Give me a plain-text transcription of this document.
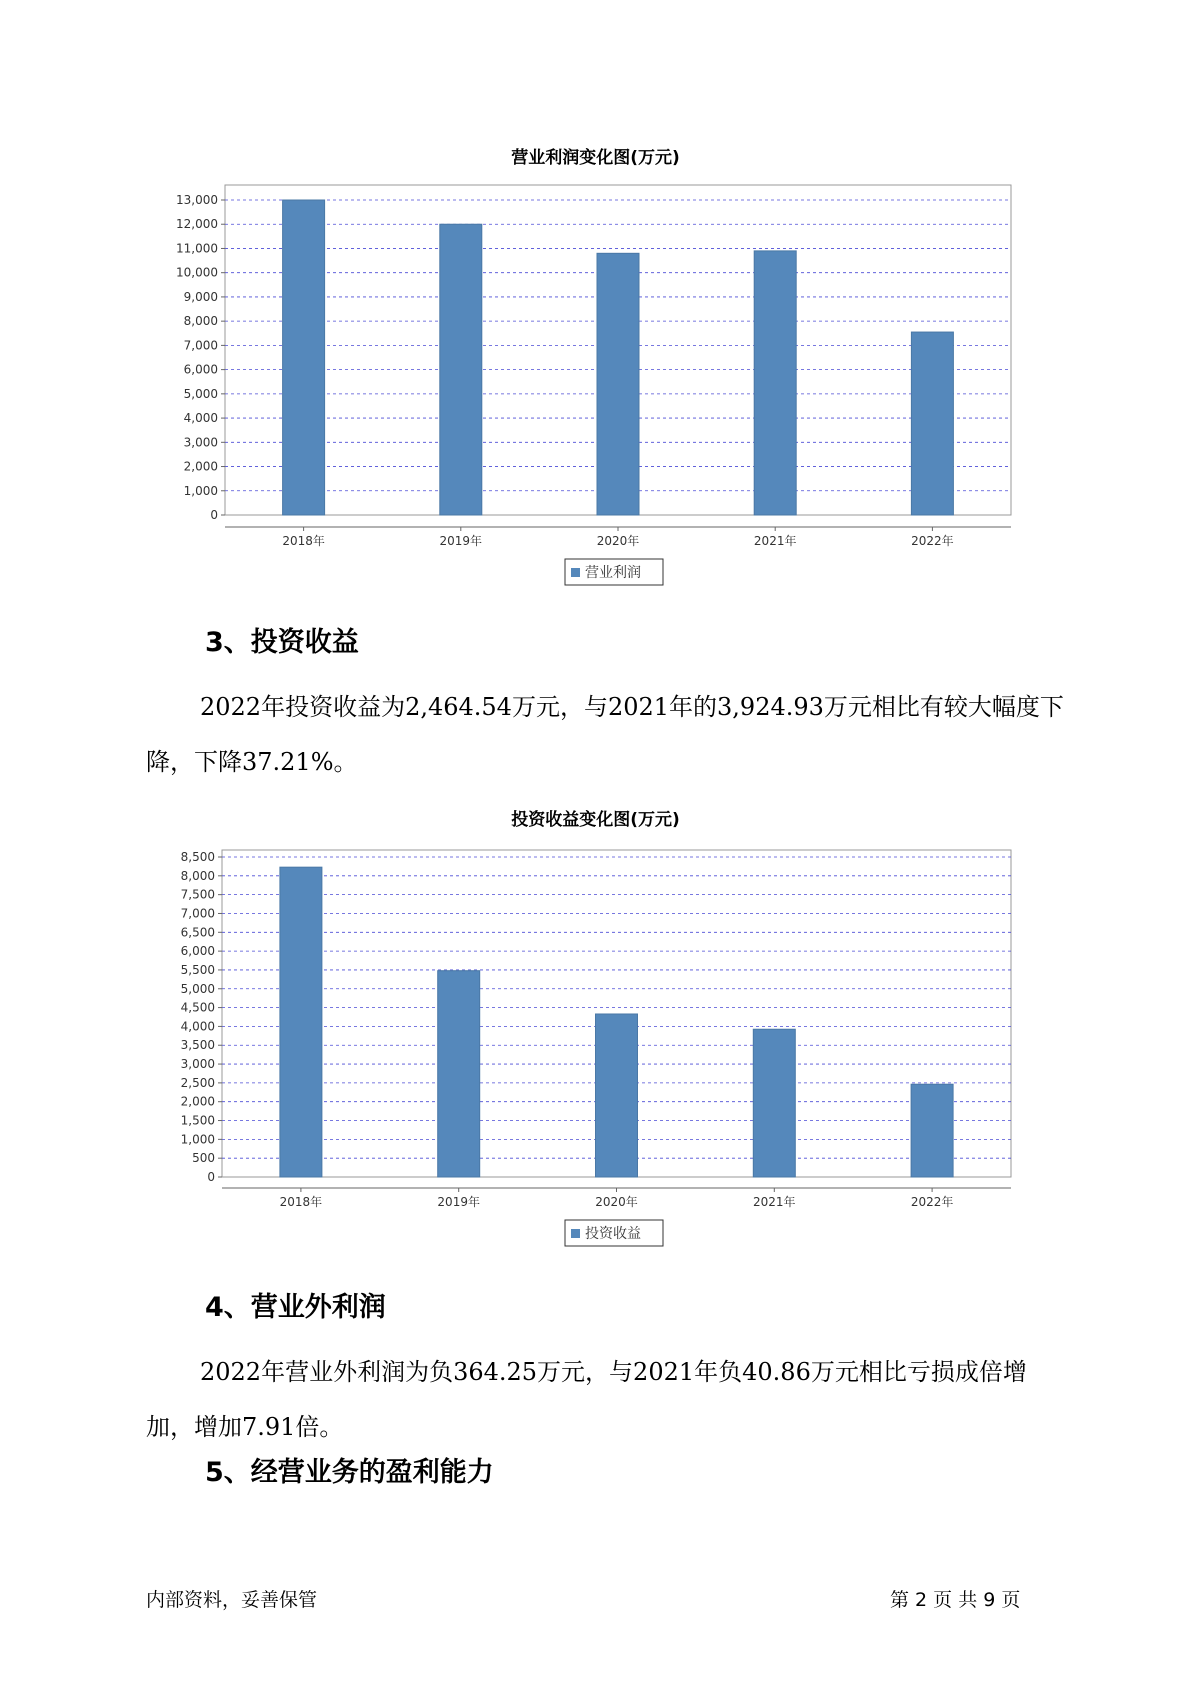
营业利润变化图(万元)
0
1,000
2,000
3,000
4,000
5,000
6,000
7,000
8,000
9,000
10,000
11,000
12,000
13,000
2018年	2019年	2020年	2021年	2022年
营业利润
3、投资收益

2022年投资收益为2,464.54万元，与2021年的3,924.93万元相比有较大幅度下降，下降37.21%。

投资收益变化图(万元)
0
500
1,000
1,500
2,000
2,500
3,000
3,500
4,000
4,500
5,000
5,500
6,000
6,500
7,000
7,500
8,000
8,500
2018年	2019年	2020年	2021年	2022年
投资收益
4、营业外利润

2022年营业外利润为负364.25万元，与2021年负40.86万元相比亏损成倍增加，增加7.91倍。

5、经营业务的盈利能力
内部资料，妥善保管	第 2 页 共 9 页
